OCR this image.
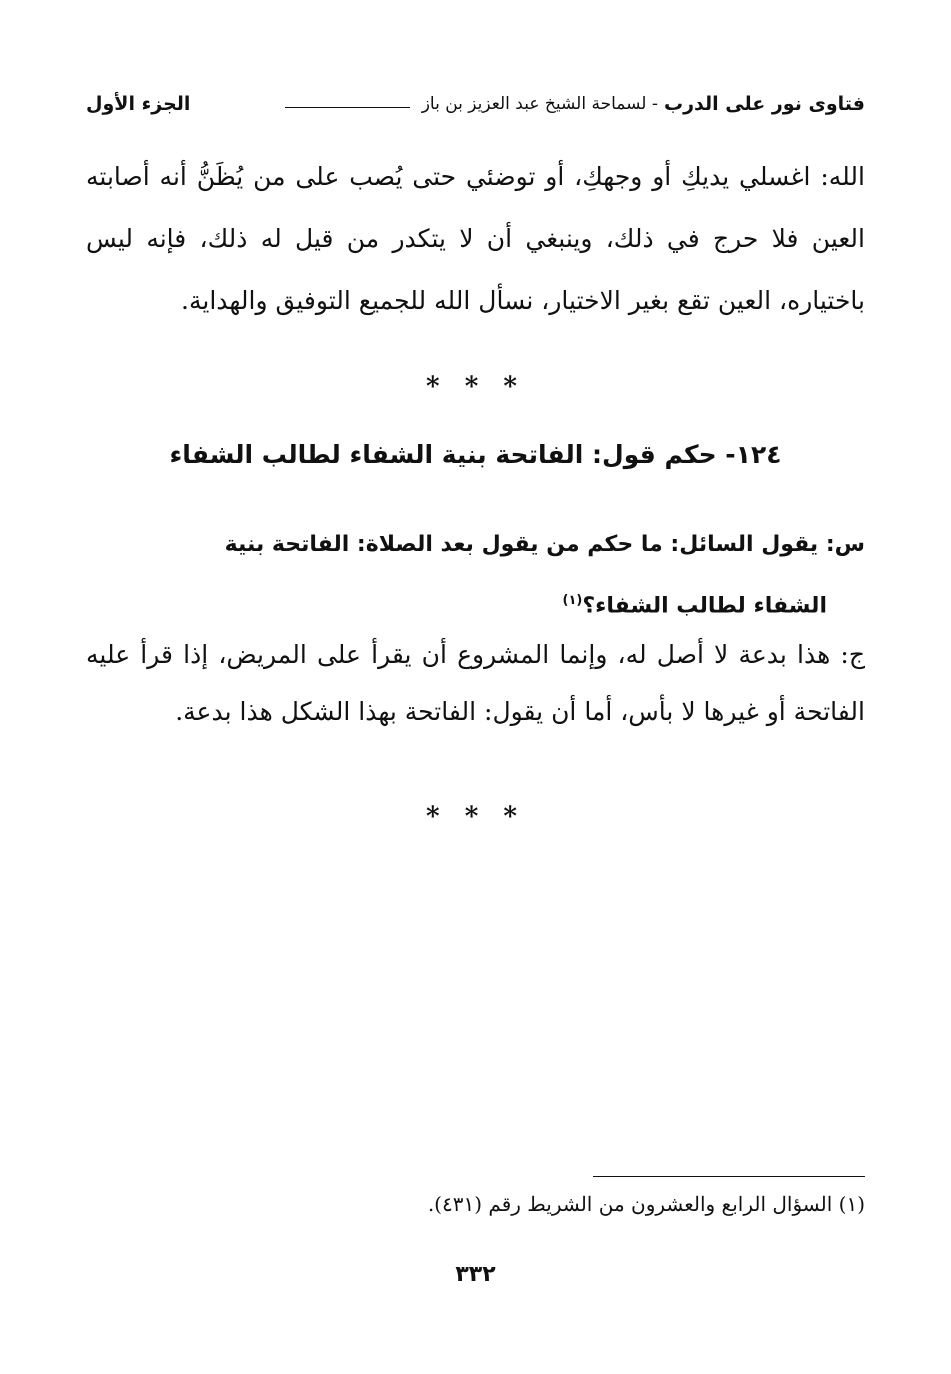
فتاوى نور على الدرب
- لسماحة الشيخ عبد العزيز بن باز
الجزء الأول
الله: اغسلي يديكِ أو وجهكِ، أو توضئي حتى يُصب على من يُظَنُّ أنه أصابته العين فلا حرج في ذلك، وينبغي أن لا يتكدر من قيل له ذلك، فإنه ليس باختياره، العين تقع بغير الاختيار، نسأل الله للجميع التوفيق والهداية.
* * *
١٢٤- حكم قول: الفاتحة بنية الشفاء لطالب الشفاء
س: يقول السائل: ما حكم من يقول بعد الصلاة: الفاتحة بنية
الشفاء لطالب الشفاء؟$^{(١)}$
ج: هذا بدعة لا أصل له، وإنما المشروع أن يقرأ على المريض، إذا قرأ عليه الفاتحة أو غيرها لا بأس، أما أن يقول: الفاتحة بهذا الشكل هذا بدعة.
* * *
(١) السؤال الرابع والعشرون من الشريط رقم (٤٣١).
٣٣٢
